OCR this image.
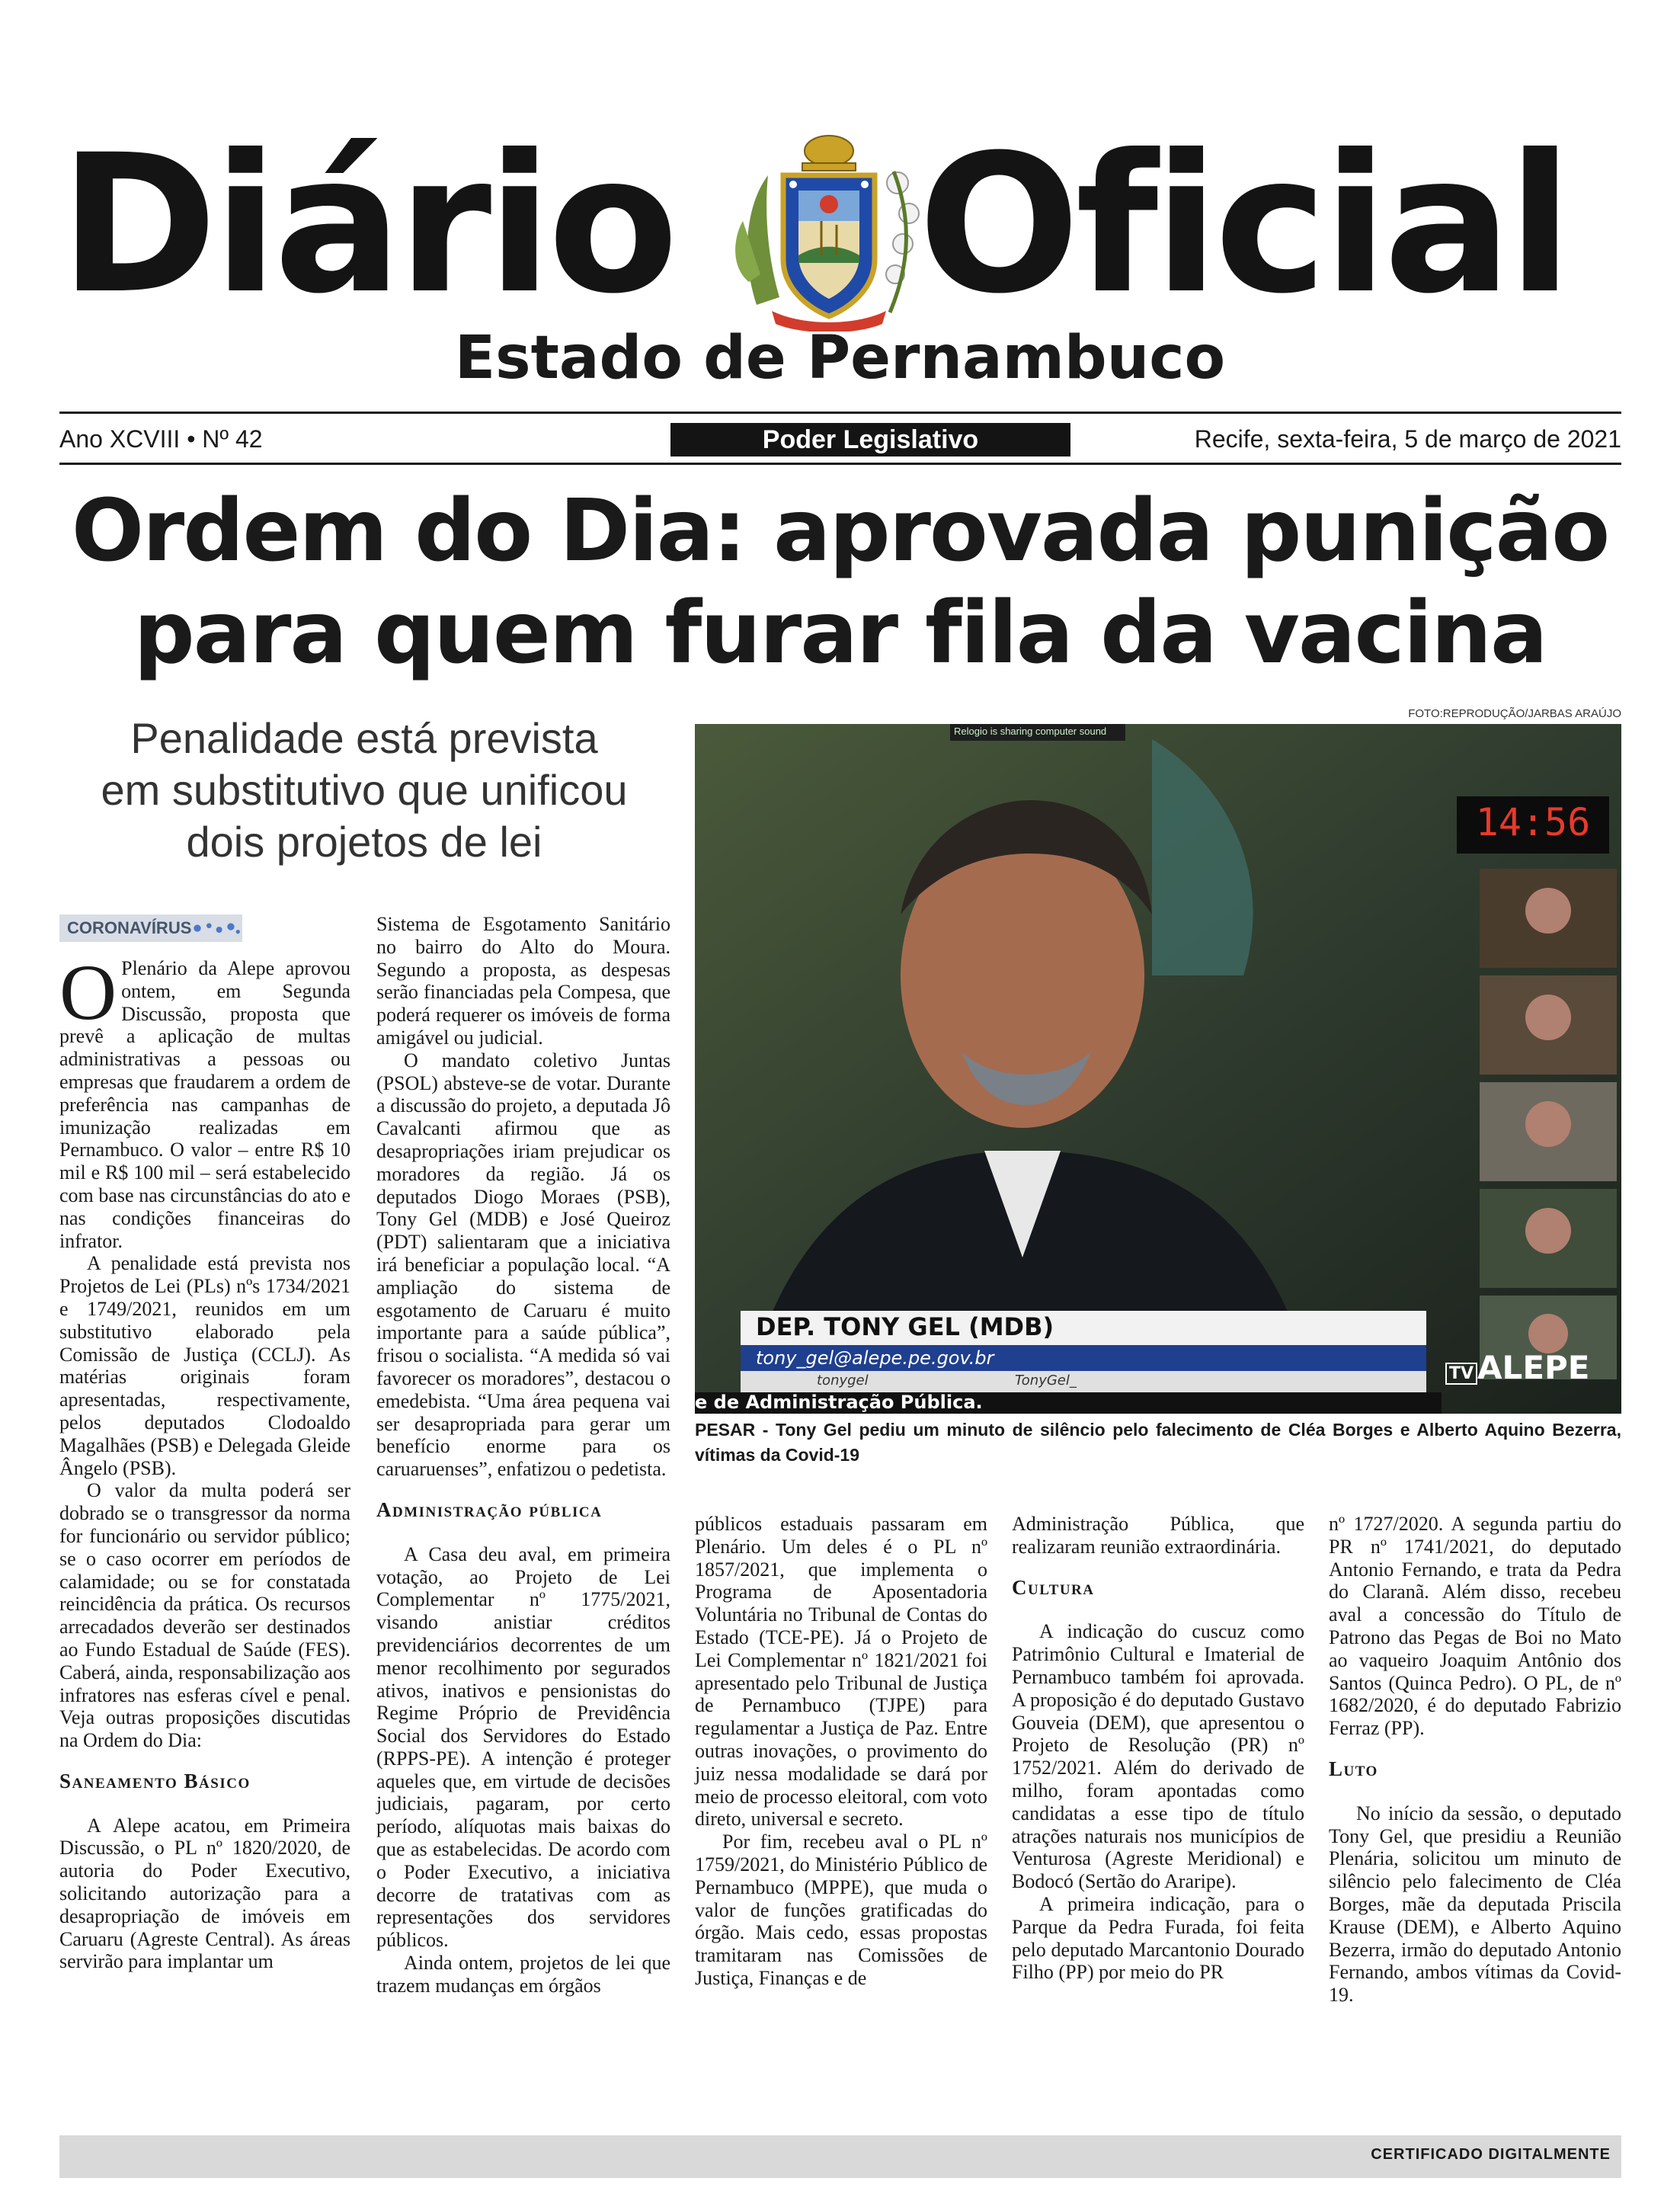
Diário Oficial
Estado de Pernambuco
Ano XCVIII • Nº 42	Poder Legislativo	Recife, sexta-feira, 5 de março de 2021
Ordem do Dia: aprovada punição
para quem furar fila da vacina
Penalidade está prevista
em substitutivo que unificou
dois projetos de lei
FOTO:REPRODUÇÃO/JARBAS ARAÚJO
Relogio is sharing computer sound
14:56
DEP. TONY GEL (MDB)
tony_gel@alepe.pe.gov.br
tonygel	TonyGel_
e de Administração Pública.
TV ALEPE
PESAR - Tony Gel pediu um minuto de silêncio pelo falecimento de Cléa Borges e Alberto Aquino Bezerra, vítimas da Covid-19
CORONAVÍRUS

O Plenário da Alepe aprovou ontem, em Segunda Discussão, proposta que prevê a aplicação de multas administrativas a pessoas ou empresas que fraudarem a ordem de preferência nas campanhas de imunização realizadas em Pernambuco. O valor – entre R$ 10 mil e R$ 100 mil – será estabelecido com base nas circunstâncias do ato e nas condições financeiras do infrator.

A penalidade está prevista nos Projetos de Lei (PLs) nºs 1734/2021 e 1749/2021, reunidos em um substitutivo elaborado pela Comissão de Justiça (CCLJ). As matérias originais foram apresentadas, respectivamente, pelos deputados Clodoaldo Magalhães (PSB) e Delegada Gleide Ângelo (PSB).

O valor da multa poderá ser dobrado se o transgressor da norma for funcionário ou servidor público; se o caso ocorrer em períodos de calamidade; ou se for constatada reincidência da prática. Os recursos arrecadados deverão ser destinados ao Fundo Estadual de Saúde (FES). Caberá, ainda, responsabilização aos infratores nas esferas cível e penal. Veja outras proposições discutidas na Ordem do Dia:

Saneamento Básico

A Alepe acatou, em Primeira Discussão, o PL nº 1820/2020, de autoria do Poder Executivo, solicitando autorização para a desapropriação de imóveis em Caruaru (Agreste Central). As áreas servirão para implantar um

Sistema de Esgotamento Sanitário no bairro do Alto do Moura. Segundo a proposta, as despesas serão financiadas pela Compesa, que poderá requerer os imóveis de forma amigável ou judicial.

O mandato coletivo Juntas (PSOL) absteve-se de votar. Durante a discussão do projeto, a deputada Jô Cavalcanti afirmou que as desapropriações iriam prejudicar os moradores da região. Já os deputados Diogo Moraes (PSB), Tony Gel (MDB) e José Queiroz (PDT) salientaram que a iniciativa irá beneficiar a população local. “A ampliação do sistema de esgotamento de Caruaru é muito importante para a saúde pública”, frisou o socialista. “A medida só vai favorecer os moradores”, destacou o emedebista. “Uma área pequena vai ser desapropriada para gerar um benefício enorme para os caruaruenses”, enfatizou o pedetista.

Administração pública

A Casa deu aval, em primeira votação, ao Projeto de Lei Complementar nº 1775/2021, visando anistiar créditos previdenciários decorrentes de um menor recolhimento por segurados ativos, inativos e pensionistas do Regime Próprio de Previdência Social dos Servidores do Estado (RPPS-PE). A intenção é proteger aqueles que, em virtude de decisões judiciais, pagaram, por certo período, alíquotas mais baixas do que as estabelecidas. De acordo com o Poder Executivo, a iniciativa decorre de tratativas com as representações dos servidores públicos.

Ainda ontem, projetos de lei que trazem mudanças em órgãos

públicos estaduais passaram em Plenário. Um deles é o PL nº 1857/2021, que implementa o Programa de Aposentadoria Voluntária no Tribunal de Contas do Estado (TCE-PE). Já o Projeto de Lei Complementar nº 1821/2021 foi apresentado pelo Tribunal de Justiça de Pernambuco (TJPE) para regulamentar a Justiça de Paz. Entre outras inovações, o provimento do juiz nessa modalidade se dará por meio de processo eleitoral, com voto direto, universal e secreto.

Por fim, recebeu aval o PL nº 1759/2021, do Ministério Público de Pernambuco (MPPE), que muda o valor de funções gratificadas do órgão. Mais cedo, essas propostas tramitaram nas Comissões de Justiça, Finanças e de

Administração Pública, que realizaram reunião extraordinária.

Cultura

A indicação do cuscuz como Patrimônio Cultural e Imaterial de Pernambuco também foi aprovada. A proposição é do deputado Gustavo Gouveia (DEM), que apresentou o Projeto de Resolução (PR) nº 1752/2021. Além do derivado de milho, foram apontadas como candidatas a esse tipo de título atrações naturais nos municípios de Venturosa (Agreste Meridional) e Bodocó (Sertão do Araripe).

A primeira indicação, para o Parque da Pedra Furada, foi feita pelo deputado Marcantonio Dourado Filho (PP) por meio do PR

nº 1727/2020. A segunda partiu do PR nº 1741/2021, do deputado Antonio Fernando, e trata da Pedra do Claranã. Além disso, recebeu aval a concessão do Título de Patrono das Pegas de Boi no Mato ao vaqueiro Joaquim Antônio dos Santos (Quinca Pedro). O PL, de nº 1682/2020, é do deputado Fabrizio Ferraz (PP).

Luto

No início da sessão, o deputado Tony Gel, que presidiu a Reunião Plenária, solicitou um minuto de silêncio pelo falecimento de Cléa Borges, mãe da deputada Priscila Krause (DEM), e Alberto Aquino Bezerra, irmão do deputado Antonio Fernando, ambos vítimas da Covid-19.

CERTIFICADO DIGITALMENTE
